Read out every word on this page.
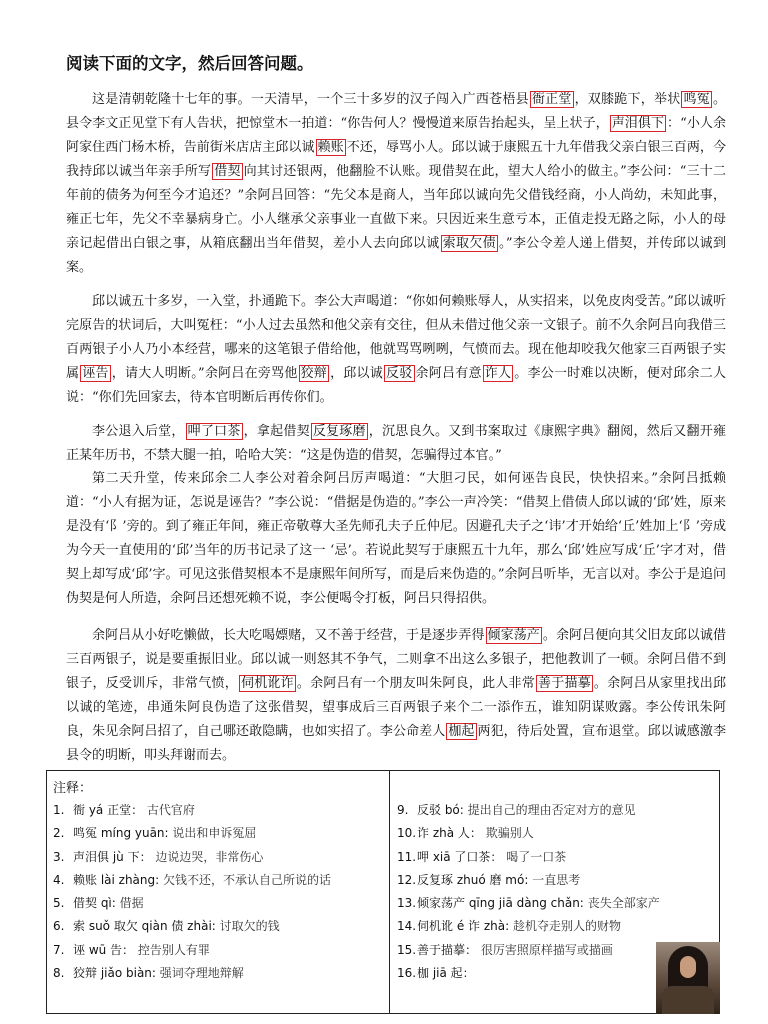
阅读下面的文字，然后回答问题。

这是清朝乾隆十七年的事。一天清早，一个三十多岁的汉子闯入广西苍梧县 衙正堂 ，双膝跪下，举状 鸣冤 。县令李文正见堂下有人告状，把惊堂木一拍道：“你告何人？慢慢道来原告抬起头，呈上状子， 声泪俱下 ：“小人余阿家住西门杨木桥，告前街米店店主邱以诚 赖账 不还，辱骂小人。邱以诚于康熙五十九年借我父亲白银三百两，今我持邱以诚当年亲手所写 借契 向其讨还银两，他翻脸不认账。现借契在此，望大人给小的做主。”李公问：“三十二年前的债务为何至今才追还？”余阿吕回答：“先父本是商人，当年邱以诚向先父借钱经商，小人尚幼，未知此事，雍正七年，先父不幸暴病身亡。小人继承父亲事业一直做下来。只因近来生意亏本，正值走投无路之际，小人的母亲记起借出白银之事，从箱底翻出当年借契，差小人去向邱以诚 索取欠债 。”李公令差人递上借契，并传邱以诚到案。

邱以诚五十多岁，一入堂，扑通跪下。李公大声喝道：“你如何赖账辱人，从实招来，以免皮肉受苦。”邱以诚听完原告的状词后，大叫冤枉：“小人过去虽然和他父亲有交往，但从未借过他父亲一文银子。前不久余阿吕向我借三百两银子小人乃小本经营，哪来的这笔银子借给他，他就骂骂咧咧，气愤而去。现在他却咬我欠他家三百两银子实属 诬告 ，请大人明断。”余阿吕在旁骂他 狡辩 ，邱以诚 反驳 余阿吕有意 诈人 。李公一时难以决断，便对邱余二人说：“你们先回家去，待本官明断后再传你们。

李公退入后堂， 呷了口茶 ，拿起借契 反复琢磨 ，沉思良久。又到书案取过《康熙字典》翻阅，然后又翻开雍正某年历书，不禁大腿一拍，哈哈大笑：“这是伪造的借契，怎骗得过本官。”

第二天升堂，传来邱余二人李公对着余阿吕厉声喝道：“大胆刁民，如何诬告良民，快快招来。”余阿吕抵赖道：“小人有据为证，怎说是诬告？”李公说：“借据是伪造的。”李公一声冷笑：“借契上借债人邱以诚的‘邱’姓，原来是没有‘阝’旁的。到了雍正年间，雍正帝敬尊大圣先师孔夫子丘仲尼。因避孔夫子之‘讳’才开始给‘丘’姓加上‘阝’旁成为今天一直使用的‘邱’当年的历书记录了这一 ‘忌’。若说此契写于康熙五十九年，那么‘邱’姓应写成‘丘’字才对，借契上却写成‘邱’字。可见这张借契根本不是康熙年间所写，而是后来伪造的。”余阿吕听毕，无言以对。李公于是追问伪契是何人所造，余阿吕还想死赖不说，李公便喝令打板，阿吕只得招供。

余阿吕从小好吃懒做，长大吃喝嫖赌，又不善于经营，于是逐步弄得 倾家荡产 。余阿吕便向其父旧友邱以诚借三百两银子，说是要重振旧业。邱以诚一则怒其不争气，二则拿不出这么多银子，把他教训了一顿。余阿吕借不到银子，反受训斥，非常气愤， 伺机讹诈 。余阿吕有一个朋友叫朱阿良，此人非常 善于描摹 。余阿吕从家里找出邱以诚的笔迹，串通朱阿良伪造了这张借契，望事成后三百两银子来个二一添作五，谁知阴谋败露。李公传讯朱阿良，朱见余阿吕招了，自己哪还敢隐瞒，也如实招了。李公命差人 枷起 两犯，待后处置，宣布退堂。邱以诚感激李县令的明断，叩头拜谢而去。

注释：
1. 衙 yá 正堂： 古代官府
2. 鸣冤 míng yuān: 说出和申诉冤屈
3. 声泪俱 jù 下： 边说边哭，非常伤心
4. 赖账 lài zhàng: 欠钱不还，不承认自己所说的话
5. 借契 qì: 借据
6. 索 suǒ 取欠 qiàn 债 zhài: 讨取欠的钱
7. 诬 wū 告： 控告别人有罪
8. 狡辩 jiǎo biàn: 强词夺理地辩解
9. 反驳 bó: 提出自己的理由否定对方的意见
10.诈 zhà 人： 欺骗别人
11.呷 xiā 了口茶： 喝了一口茶
12.反复琢 zhuó 磨 mó: 一直思考
13.倾家荡产 qīng jiā dàng chǎn: 丧失全部家产
14.伺机讹 é 诈 zhà: 趁机夺走别人的财物
15.善于描摹： 很厉害照原样描写或描画
16.枷 jiā 起：
